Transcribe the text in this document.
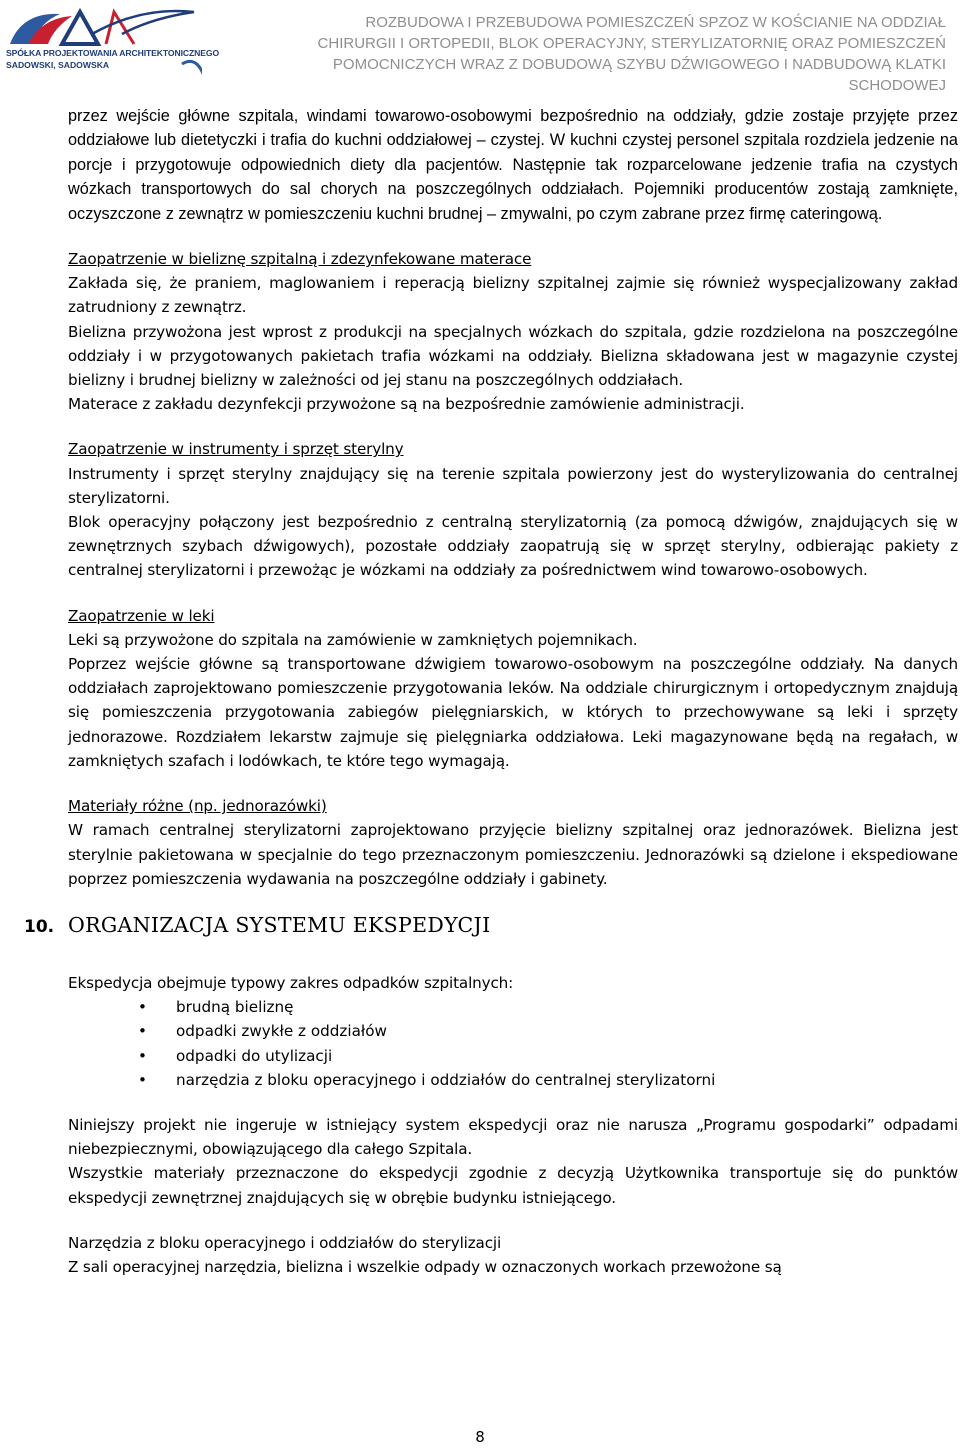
SPÓŁKA PROJEKTOWANIA ARCHITEKTONICZNEGO
SADOWSKI, SADOWSKA
ROZBUDOWA I PRZEBUDOWA POMIESZCZEŃ SPZOZ W KOŚCIANIE NA ODDZIAŁ
CHIRURGII I ORTOPEDII, BLOK OPERACYJNY, STERYLIZATORNIĘ ORAZ POMIESZCZEŃ
POMOCNICZYCH WRAZ Z DOBUDOWĄ SZYBU DŹWIGOWEGO I NADBUDOWĄ KLATKI SCHODOWEJ

przez wejście główne szpitala, windami towarowo-osobowymi bezpośrednio na oddziały, gdzie zostaje przyjęte przez oddziałowe lub dietetyczki i trafia do kuchni oddziałowej – czystej. W kuchni czystej personel szpitala rozdziela jedzenie na porcje i przygotowuje odpowiednich diety dla pacjentów. Następnie tak rozparcelowane jedzenie trafia na czystych wózkach transportowych do sal chorych na poszczególnych oddziałach. Pojemniki producentów zostają zamknięte, oczyszczone z zewnątrz w pomieszczeniu kuchni brudnej – zmywalni, po czym zabrane przez firmę cateringową.

Zaopatrzenie w bieliznę szpitalną i zdezynfekowane materace

Zakłada się, że praniem, maglowaniem i reperacją bielizny szpitalnej zajmie się również wyspecjalizowany zakład zatrudniony z zewnątrz.

Bielizna przywożona jest wprost z produkcji na specjalnych wózkach do szpitala, gdzie rozdzielona na poszczególne oddziały i w przygotowanych pakietach trafia wózkami na oddziały. Bielizna składowana jest w magazynie czystej bielizny i brudnej bielizny w zależności od jej stanu na poszczególnych oddziałach.

Materace z zakładu dezynfekcji przywożone są na bezpośrednie zamówienie administracji.

Zaopatrzenie w instrumenty i sprzęt sterylny

Instrumenty i sprzęt sterylny znajdujący się na terenie szpitala powierzony jest do wysterylizowania do centralnej sterylizatorni.

Blok operacyjny połączony jest bezpośrednio z centralną sterylizatornią (za pomocą dźwigów, znajdujących się w zewnętrznych szybach dźwigowych), pozostałe oddziały zaopatrują się w sprzęt sterylny, odbierając pakiety z centralnej sterylizatorni i przewożąc je wózkami na oddziały za pośrednictwem wind towarowo-osobowych.

Zaopatrzenie w leki

Leki są przywożone do szpitala na zamówienie w zamkniętych pojemnikach.

Poprzez wejście główne są transportowane dźwigiem towarowo-osobowym na poszczególne oddziały. Na danych oddziałach zaprojektowano pomieszczenie przygotowania leków. Na oddziale chirurgicznym i ortopedycznym znajdują się pomieszczenia przygotowania zabiegów pielęgniarskich, w których to przechowywane są leki i sprzęty jednorazowe. Rozdziałem lekarstw zajmuje się pielęgniarka oddziałowa. Leki magazynowane będą na regałach, w zamkniętych szafach i lodówkach, te które tego wymagają.

Materiały różne (np. jednorazówki)

W ramach centralnej sterylizatorni zaprojektowano przyjęcie bielizny szpitalnej oraz jednorazówek. Bielizna jest sterylnie pakietowana w specjalnie do tego przeznaczonym pomieszczeniu. Jednorazówki są dzielone i ekspediowane poprzez pomieszczenia wydawania na poszczególne oddziały i gabinety.

10. ORGANIZACJA SYSTEMU EKSPEDYCJI

Ekspedycja obejmuje typowy zakres odpadków szpitalnych:

• brudną bieliznę
• odpadki zwykłe z oddziałów
• odpadki do utylizacji
• narzędzia z bloku operacyjnego i oddziałów do centralnej sterylizatorni

Niniejszy projekt nie ingeruje w istniejący system ekspedycji oraz nie narusza „Programu gospodarki” odpadami niebezpiecznymi, obowiązującego dla całego Szpitala.

Wszystkie materiały przeznaczone do ekspedycji zgodnie z decyzją Użytkownika transportuje się do punktów ekspedycji zewnętrznej znajdujących się w obrębie budynku istniejącego.

Narzędzia z bloku operacyjnego i oddziałów do sterylizacji

Z sali operacyjnej narzędzia, bielizna i wszelkie odpady w oznaczonych workach przewożone są

8
